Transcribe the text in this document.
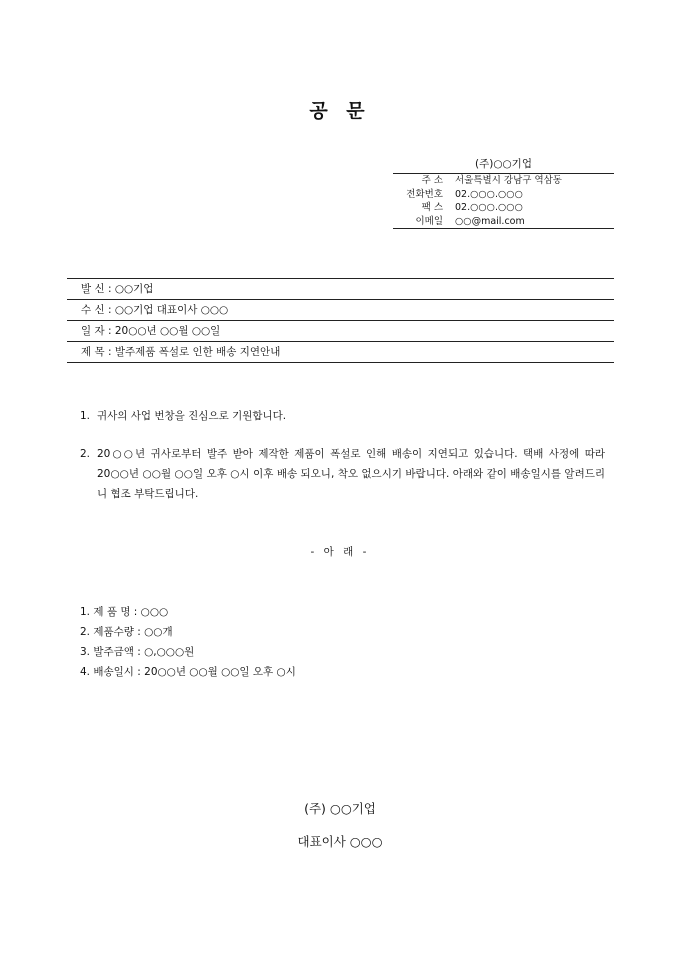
공 문
(주)○○기업
주 소	서울특별시 강남구 역삼동
전화번호	02.○○○.○○○
팩 스	02.○○○.○○○
이메일	○○@mail.com
발 신 : ○○기업
수 신 : ○○기업 대표이사 ○○○
일 자 : 20○○년 ○○월 ○○일
제 목 : 발주제품 폭설로 인한 배송 지연안내
1. 귀사의 사업 번창을 진심으로 기원합니다.
2. 20○○년 귀사로부터 발주 받아 제작한 제품이 폭설로 인해 배송이 지연되고 있습니다. 택배 사정에 따라 20○○년 ○○월 ○○일 오후 ○시 이후 배송 되오니, 착오 없으시기 바랍니다. 아래와 같이 배송일시를 알려드리니 협조 부탁드립니다.
- 아 래 -
1. 제 품 명 : ○○○
2. 제품수량 : ○○개
3. 발주금액 : ○,○○○원
4. 배송일시 : 20○○년 ○○월 ○○일 오후 ○시
(주) ○○기업
대표이사 ○○○
